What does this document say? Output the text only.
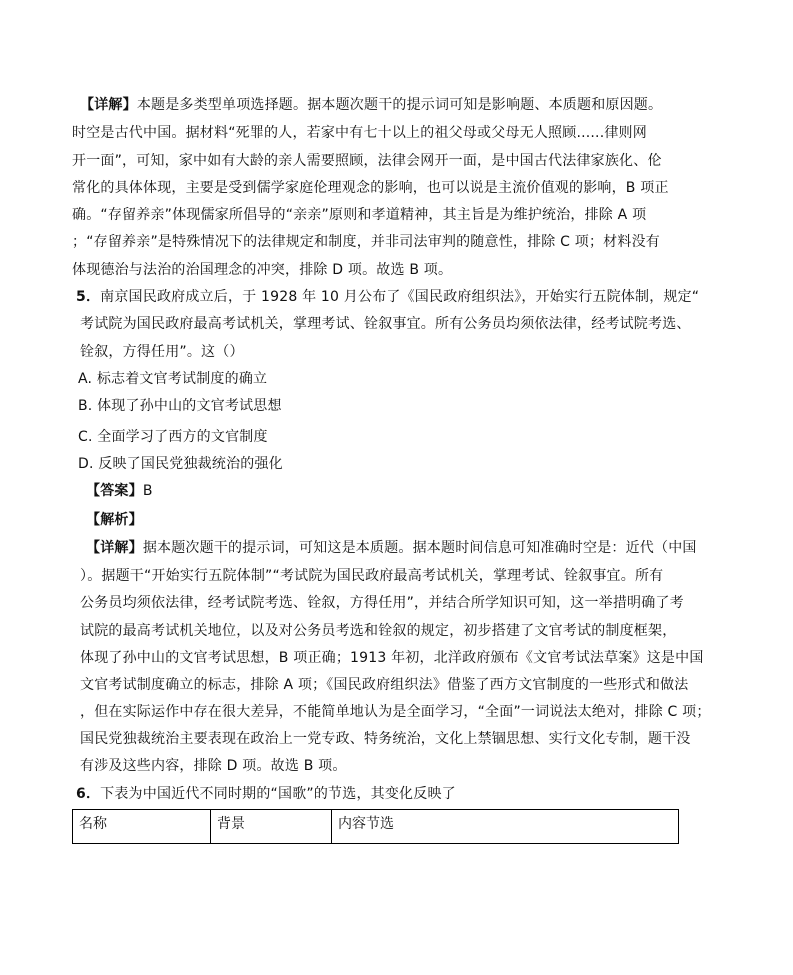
【详解】本题是多类型单项选择题。据本题次题干的提示词可知是影响题、本质题和原因题。
时空是古代中国。据材料“死罪的人，若家中有七十以上的祖父母或父母无人照顾......律则网
开一面”，可知，家中如有大龄的亲人需要照顾，法律会网开一面，是中国古代法律家族化、伦
常化的具体体现，主要是受到儒学家庭伦理观念的影响，也可以说是主流价值观的影响，B 项正
确。“存留养亲”体现儒家所倡导的“亲亲”原则和孝道精神，其主旨是为维护统治，排除 A 项
；“存留养亲”是特殊情况下的法律规定和制度，并非司法审判的随意性，排除 C 项；材料没有
体现德治与法治的治国理念的冲突，排除 D 项。故选 B 项。
5．南京国民政府成立后，于 1928 年 10 月公布了《国民政府组织法》，开始实行五院体制，规定“
考试院为国民政府最高考试机关，掌理考试、铨叙事宜。所有公务员均须依法律，经考试院考选、
铨叙，方得任用”。这（）
A. 标志着文官考试制度的确立
B. 体现了孙中山的文官考试思想
C. 全面学习了西方的文官制度
D. 反映了国民党独裁统治的强化
【答案】B
【解析】
【详解】据本题次题干的提示词，可知这是本质题。据本题时间信息可知准确时空是：近代（中国
）。据题干“开始实行五院体制”“考试院为国民政府最高考试机关，掌理考试、铨叙事宜。所有
公务员均须依法律，经考试院考选、铨叙，方得任用”，并结合所学知识可知，这一举措明确了考
试院的最高考试机关地位，以及对公务员考选和铨叙的规定，初步搭建了文官考试的制度框架，
体现了孙中山的文官考试思想，B 项正确；1913 年初，北洋政府颁布《文官考试法草案》这是中国
文官考试制度确立的标志，排除 A 项；《国民政府组织法》借鉴了西方文官制度的一些形式和做法
，但在实际运作中存在很大差异，不能简单地认为是全面学习，“全面”一词说法太绝对，排除 C 项；
国民党独裁统治主要表现在政治上一党专政、特务统治，文化上禁锢思想、实行文化专制，题干没
有涉及这些内容，排除 D 项。故选 B 项。
6．下表为中国近代不同时期的“国歌”的节选，其变化反映了
名称	背景	内容节选
